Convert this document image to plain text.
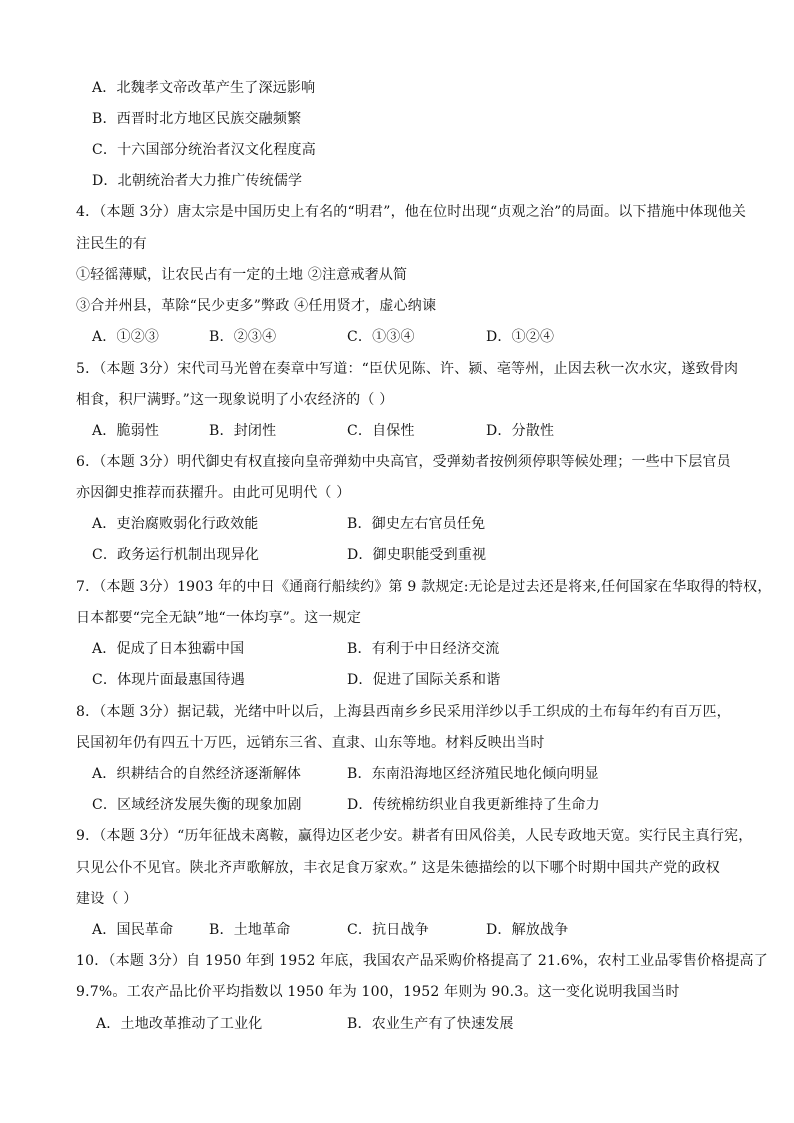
A．北魏孝文帝改革产生了深远影响
B．西晋时北方地区民族交融频繁
C．十六国部分统治者汉文化程度高
D．北朝统治者大力推广传统儒学
4．（本题 3分）唐太宗是中国历史上有名的“明君”，他在位时出现“贞观之治”的局面。以下措施中体现他关
注民生的有
①轻徭薄赋，让农民占有一定的土地 ②注意戒奢从简
③合并州县，革除“民少吏多”弊政 ④任用贤才，虚心纳谏
A．①②③	B．②③④	C．①③④	D．①②④
5．（本题 3分）宋代司马光曾在奏章中写道：“臣伏见陈、许、颍、亳等州，止因去秋一次水灾，遂致骨肉
相食，积尸满野。”这一现象说明了小农经济的（ ）
A．脆弱性	B．封闭性	C．自保性	D．分散性
6．（本题 3分）明代御史有权直接向皇帝弹劾中央高官，受弹劾者按例须停职等候处理；一些中下层官员
亦因御史推荐而获擢升。由此可见明代（ ）
A．吏治腐败弱化行政效能	B．御史左右官员任免
C．政务运行机制出现异化	D．御史职能受到重视
7．（本题 3分）1903 年的中日《通商行船续约》第 9 款规定:无论是过去还是将来,任何国家在华取得的特权，
日本都要“完全无缺”地“一体均享”。这一规定
A．促成了日本独霸中国	B．有利于中日经济交流
C．体现片面最惠国待遇	D．促进了国际关系和谐
8．（本题 3分）据记载，光绪中叶以后，上海县西南乡乡民采用洋纱以手工织成的土布每年约有百万匹，
民国初年仍有四五十万匹，远销东三省、直隶、山东等地。材料反映出当时
A．织耕结合的自然经济逐渐解体	B．东南沿海地区经济殖民地化倾向明显
C．区域经济发展失衡的现象加剧	D．传统棉纺织业自我更新维持了生命力
9．（本题 3分）“历年征战未离鞍，赢得边区老少安。耕者有田风俗美，人民专政地天宽。实行民主真行宪，
只见公仆不见官。陕北齐声歌解放，丰衣足食万家欢。” 这是朱德描绘的以下哪个时期中国共产党的政权
建设（ ）
A．国民革命	B．土地革命	C．抗日战争	D．解放战争
10．（本题 3分）自 1950 年到 1952 年底，我国农产品采购价格提高了 21.6%，农村工业品零售价格提高了
9.7%。工农产品比价平均指数以 1950 年为 100，1952 年则为 90.3。这一变化说明我国当时
A．土地改革推动了工业化	B．农业生产有了快速发展
